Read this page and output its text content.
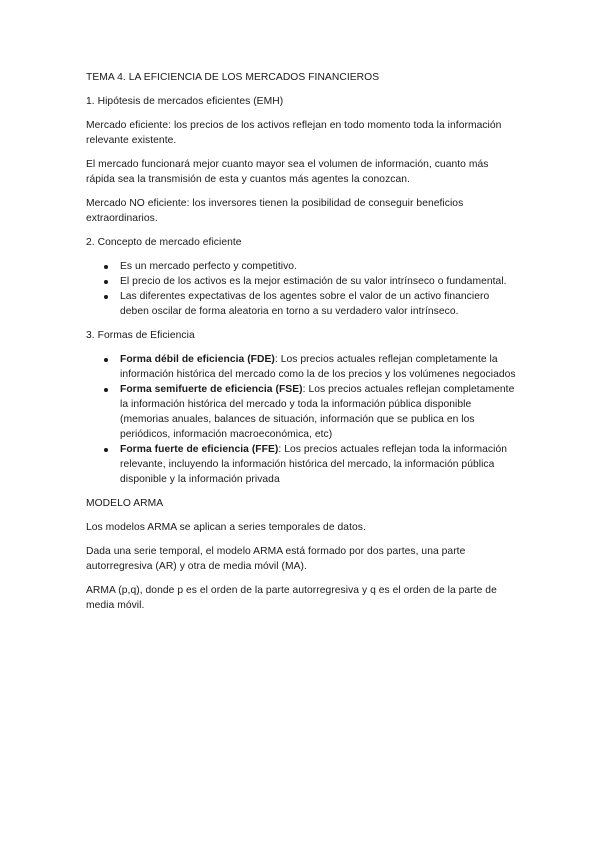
TEMA 4. LA EFICIENCIA DE LOS MERCADOS FINANCIEROS
1. Hipótesis de mercados eficientes (EMH)
Mercado eficiente: los precios de los activos reflejan en todo momento toda la información relevante existente.
El mercado funcionará mejor cuanto mayor sea el volumen de información, cuanto más rápida sea la transmisión de esta y cuantos más agentes la conozcan.
Mercado NO eficiente: los inversores tienen la posibilidad de conseguir beneficios extraordinarios.
2. Concepto de mercado eficiente
Es un mercado perfecto y competitivo.
El precio de los activos es la mejor estimación de su valor intrínseco o fundamental.
Las diferentes expectativas de los agentes sobre el valor de un activo financiero deben oscilar de forma aleatoria en torno a su verdadero valor intrínseco.
3. Formas de Eficiencia
Forma débil de eficiencia (FDE): Los precios actuales reflejan completamente la información histórica del mercado como la de los precios y los volúmenes negociados
Forma semifuerte de eficiencia (FSE): Los precios actuales reflejan completamente la información histórica del mercado y toda la información pública disponible (memorias anuales, balances de situación, información que se publica en los periódicos, información macroeconómica, etc)
Forma fuerte de eficiencia (FFE): Los precios actuales reflejan toda la información relevante, incluyendo la información histórica del mercado, la información pública disponible y la información privada
MODELO ARMA
Los modelos ARMA se aplican a series temporales de datos.
Dada una serie temporal, el modelo ARMA está formado por dos partes, una parte autorregresiva (AR) y otra de media móvil (MA).
ARMA (p,q), donde p es el orden de la parte autorregresiva y q es el orden de la parte de media móvil.
